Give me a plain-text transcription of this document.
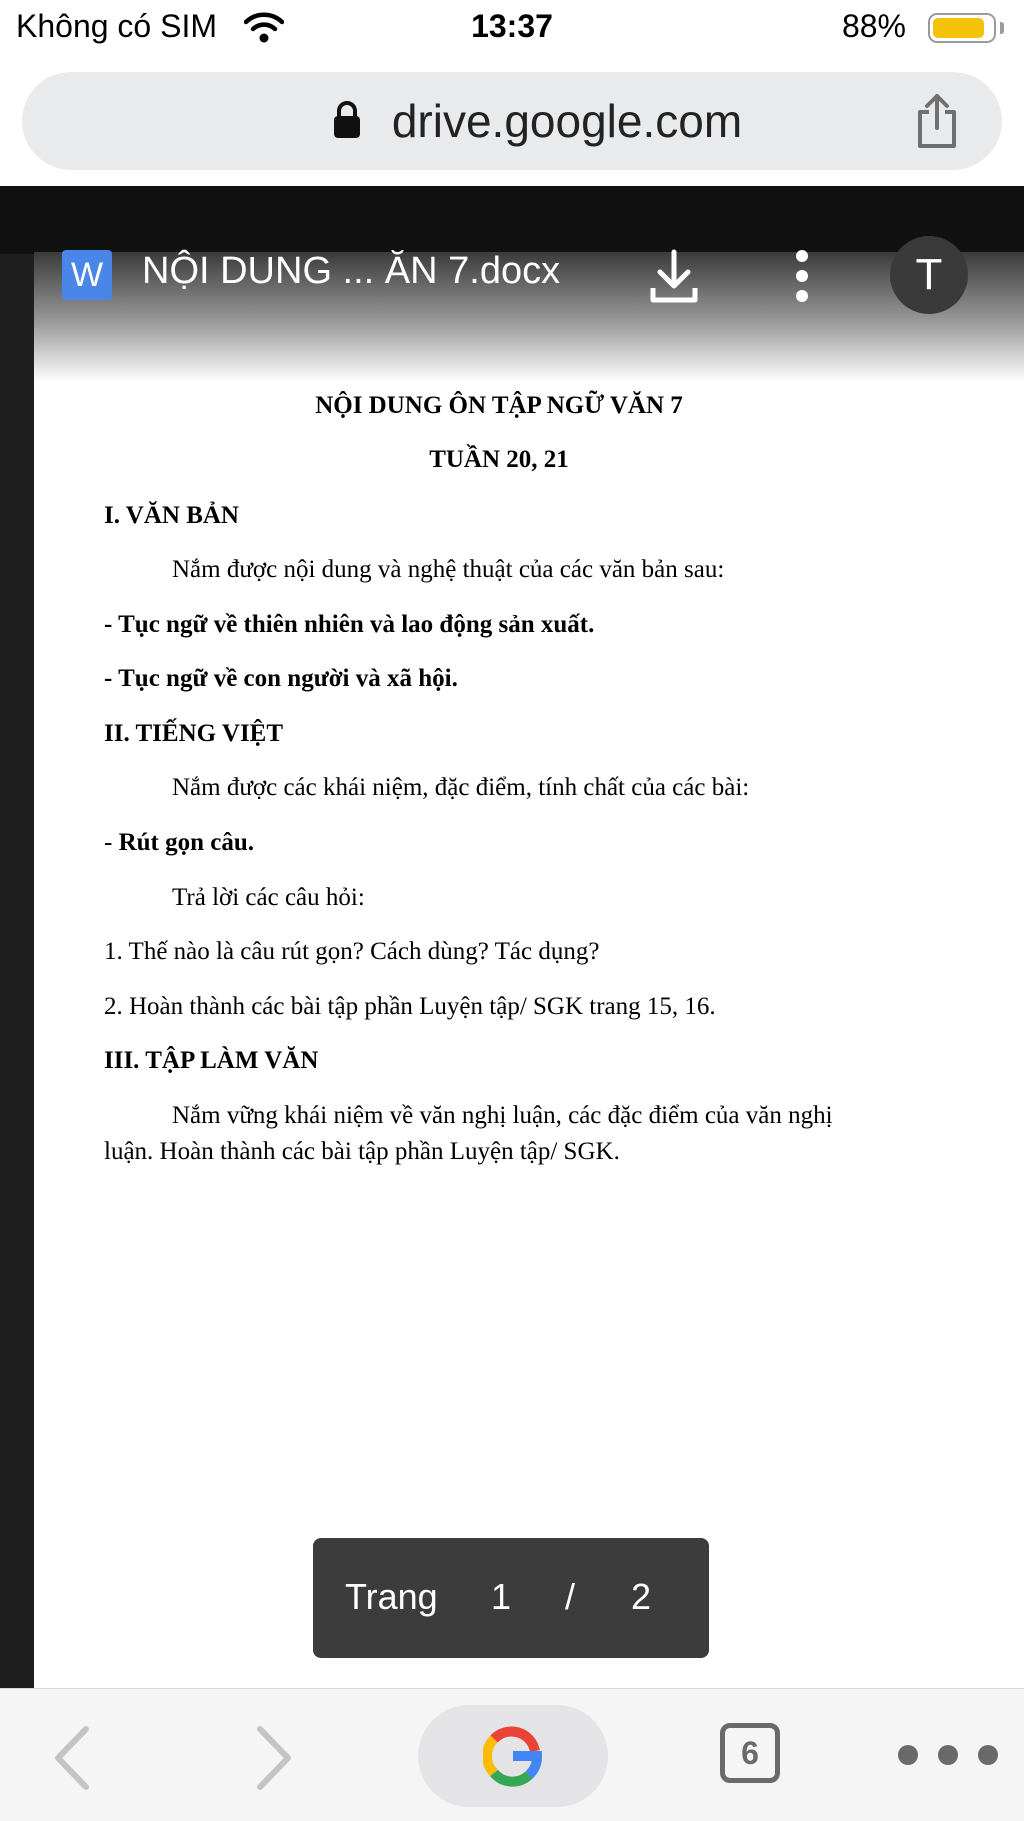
Không có SIM	13:37	88%
drive.google.com
W NỘI DUNG ... ĂN 7.docx	T
NỘI DUNG ÔN TẬP NGỮ VĂN 7
TUẦN 20, 21
I. VĂN BẢN
Nắm được nội dung và nghệ thuật của các văn bản sau:
- Tục ngữ về thiên nhiên và lao động sản xuất.
- Tục ngữ về con người và xã hội.
II. TIẾNG VIỆT
Nắm được các khái niệm, đặc điểm, tính chất của các bài:
- Rút gọn câu.
Trả lời các câu hỏi:
1. Thế nào là câu rút gọn? Cách dùng? Tác dụng?
2. Hoàn thành các bài tập phần Luyện tập/ SGK trang 15, 16.
III. TẬP LÀM VĂN
Nắm vững khái niệm về văn nghị luận, các đặc điểm của văn nghị
luận. Hoàn thành các bài tập phần Luyện tập/ SGK.
Trang 1 / 2
6
